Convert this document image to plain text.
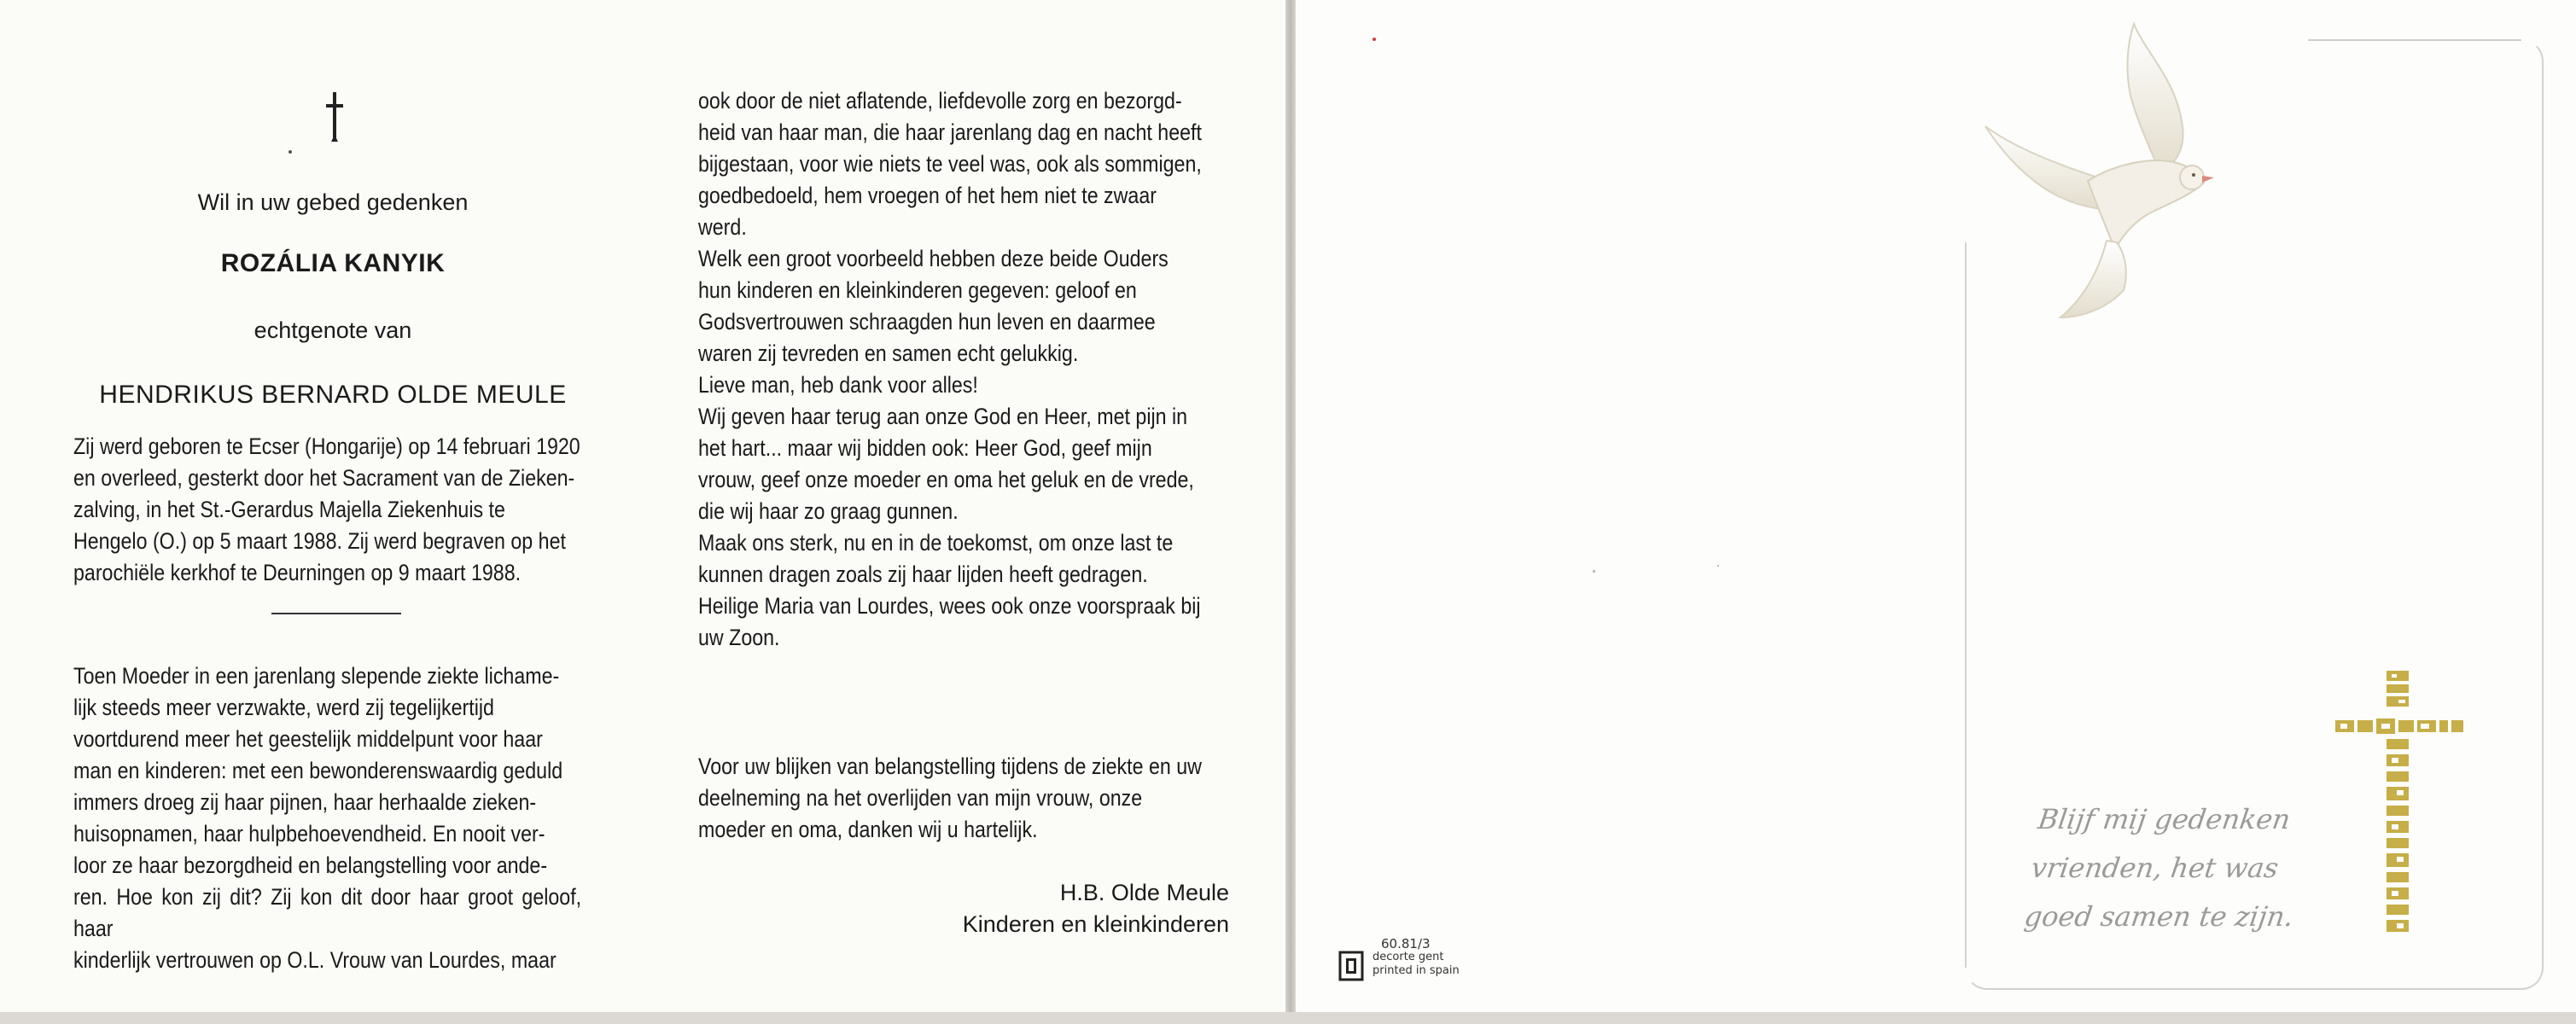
Wil in uw gebed gedenken
ROZÁLIA KANYIK
echtgenote van
HENDRIKUS BERNARD OLDE MEULE
Zij werd geboren te Ecser (Hongarije) op 14 februari 1920
en overleed, gesterkt door het Sacrament van de Zieken-
zalving, in het St.-Gerardus Majella Ziekenhuis te
Hengelo (O.) op 5 maart 1988. Zij werd begraven op het
parochiële kerkhof te Deurningen op 9 maart 1988.
Toen Moeder in een jarenlang slepende ziekte lichame-
lijk steeds meer verzwakte, werd zij tegelijkertijd
voortdurend meer het geestelijk middelpunt voor haar
man en kinderen: met een bewonderenswaardig geduld
immers droeg zij haar pijnen, haar herhaalde zieken-
huisopnamen, haar hulpbehoevendheid. En nooit ver-
loor ze haar bezorgdheid en belangstelling voor ande-
ren. Hoe kon zij dit? Zij kon dit door haar groot geloof, haar
kinderlijk vertrouwen op O.L. Vrouw van Lourdes, maar
ook door de niet aflatende, liefdevolle zorg en bezorgd-
heid van haar man, die haar jarenlang dag en nacht heeft
bijgestaan, voor wie niets te veel was, ook als sommigen,
goedbedoeld, hem vroegen of het hem niet te zwaar
werd.
Welk een groot voorbeeld hebben deze beide Ouders
hun kinderen en kleinkinderen gegeven: geloof en
Godsvertrouwen schraagden hun leven en daarmee
waren zij tevreden en samen echt gelukkig.
Lieve man, heb dank voor alles!
Wij geven haar terug aan onze God en Heer, met pijn in
het hart... maar wij bidden ook: Heer God, geef mijn
vrouw, geef onze moeder en oma het geluk en de vrede,
die wij haar zo graag gunnen.
Maak ons sterk, nu en in de toekomst, om onze last te
kunnen dragen zoals zij haar lijden heeft gedragen.
Heilige Maria van Lourdes, wees ook onze voorspraak bij
uw Zoon.
Voor uw blijken van belangstelling tijdens de ziekte en uw
deelneming na het overlijden van mijn vrouw, onze
moeder en oma, danken wij u hartelijk.
H.B. Olde Meule
Kinderen en kleinkinderen
Blijf mij gedenken
vrienden, het was
goed samen te zijn.
60.81/3
decorte gent
printed in spain
